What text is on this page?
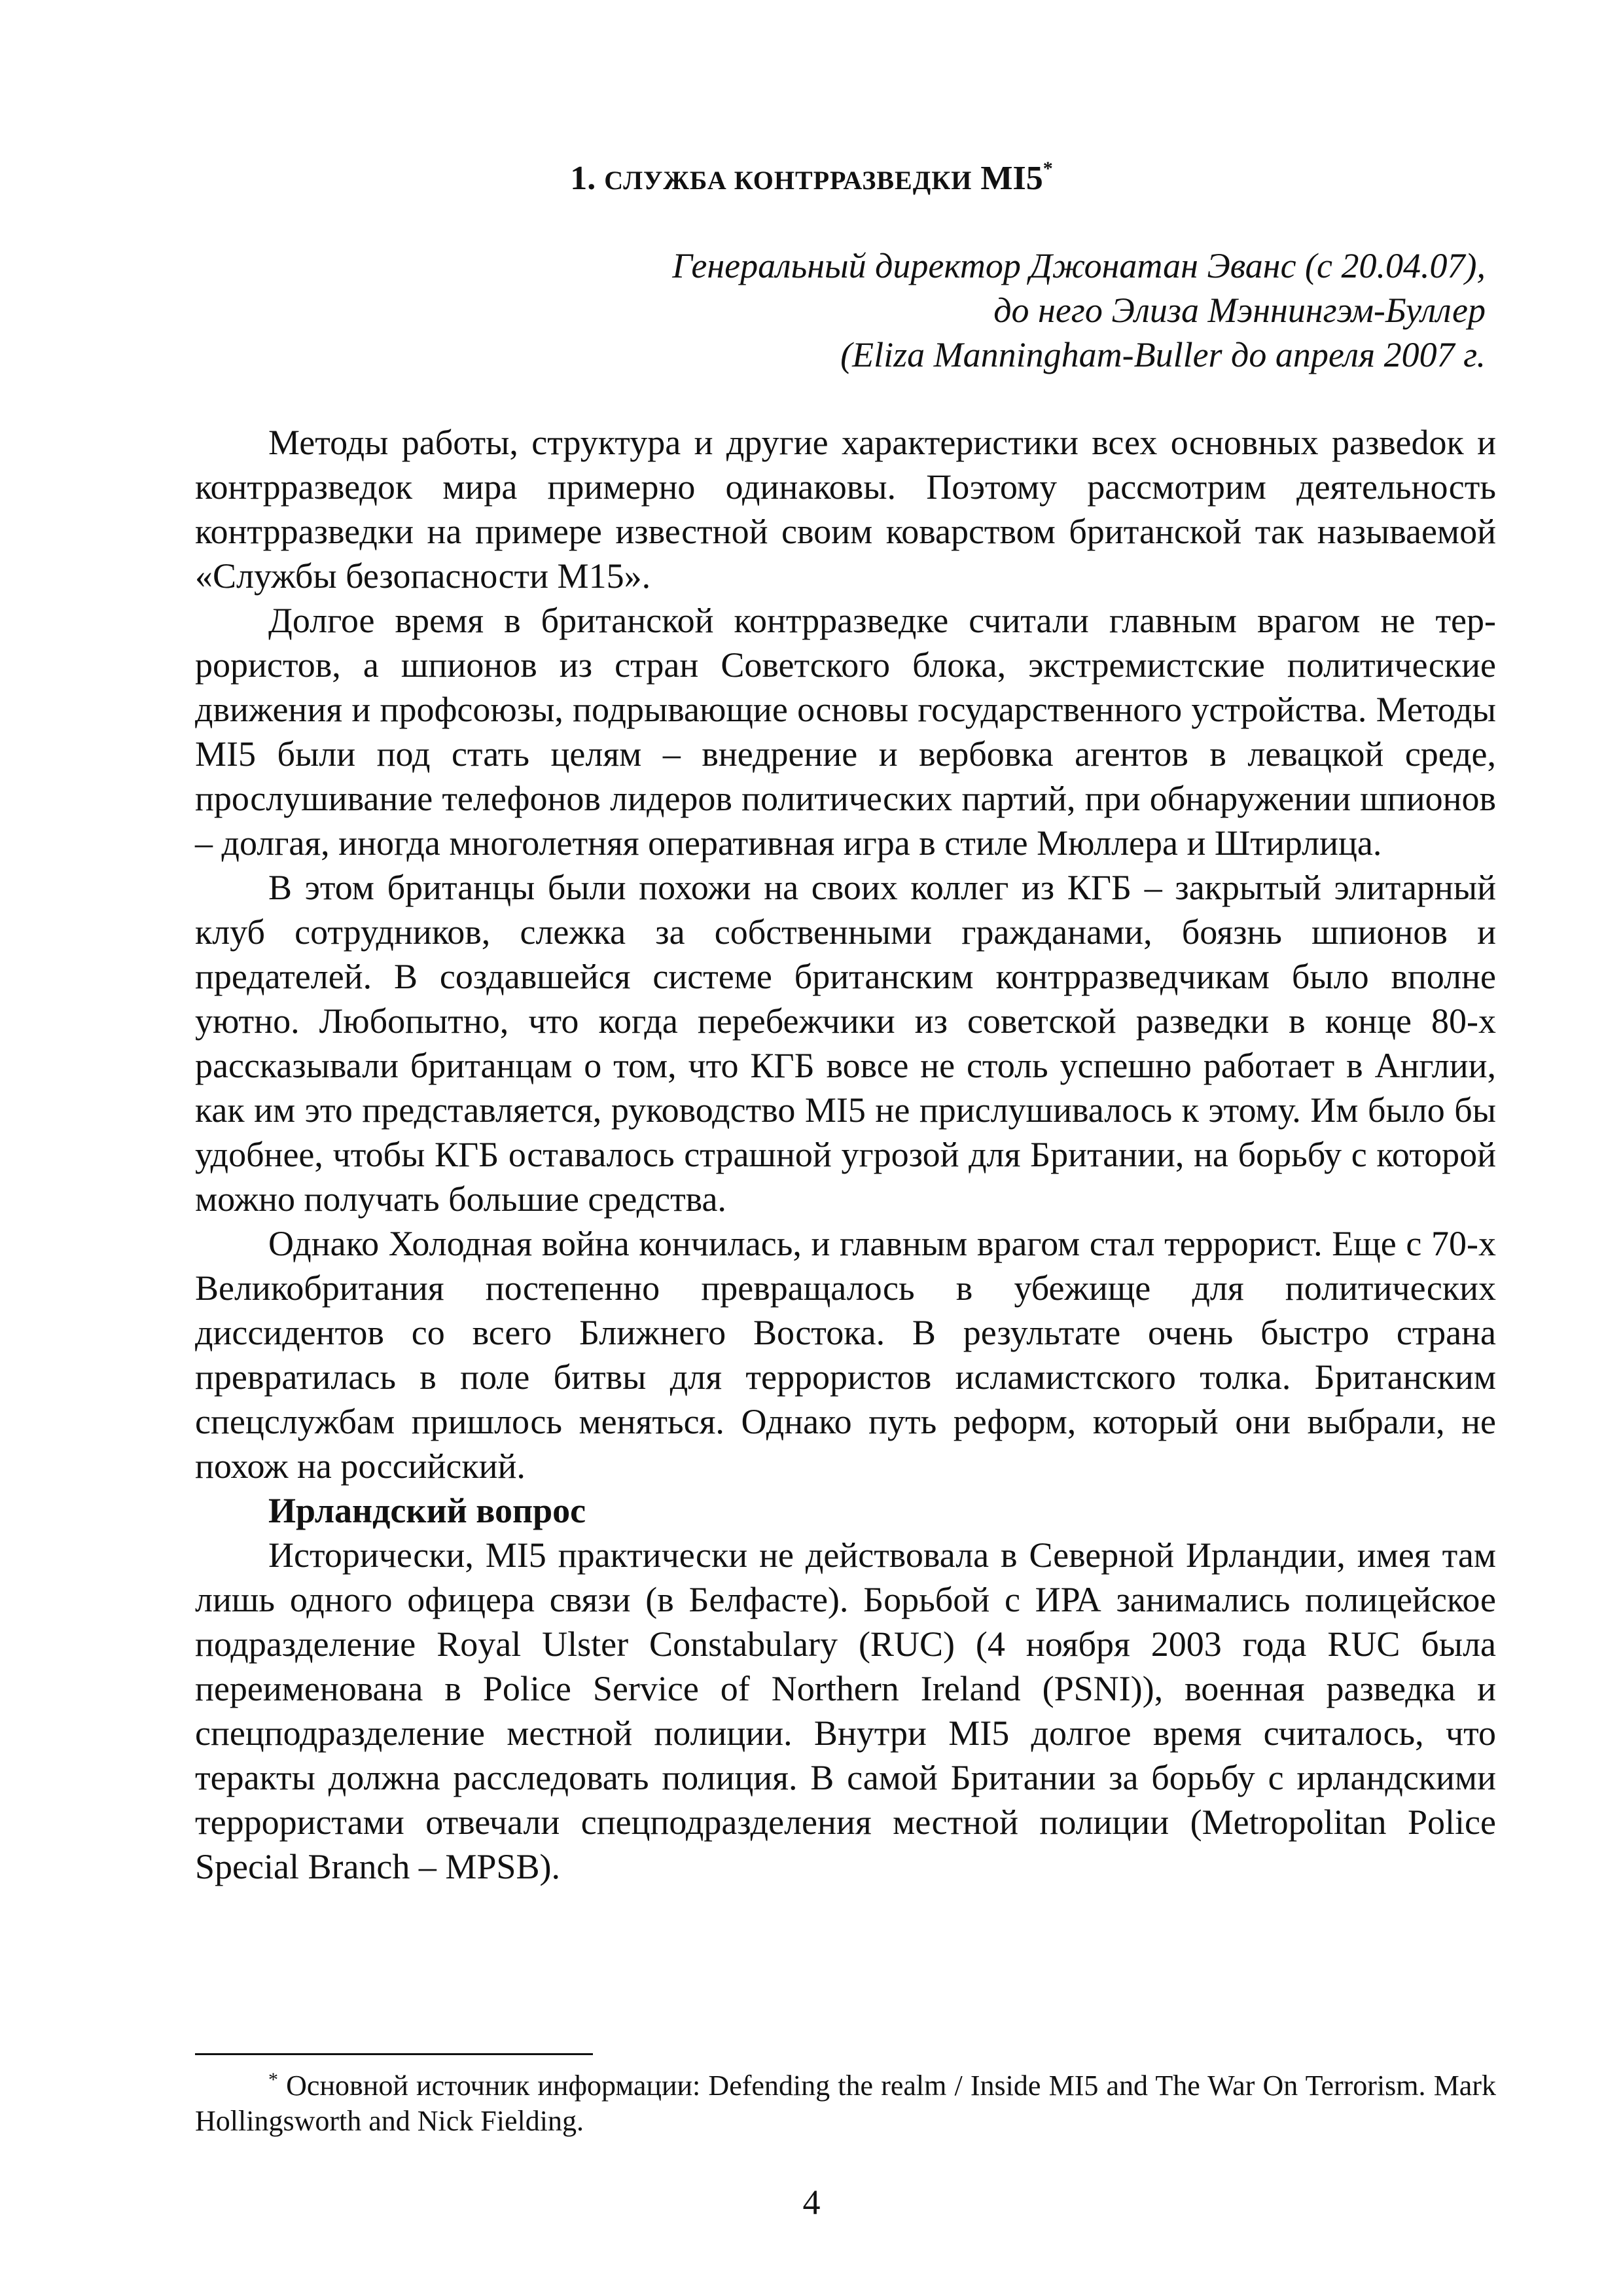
1. СЛУЖБА КОНТРРАЗВЕДКИ MI5*
Генеральный директор Джонатан Эванс (с 20.04.07),
до него Элиза Мэннингэм-Буллер
(Eliza Manningham-Buller до апреля 2007 г.

Методы работы, структура и другие характеристики всех основных развеdок и контрразведок мира примерно одинаковы. Поэтому рассмотрим деятельность контрразведки на примере известной своим коварством британской так называемой «Службы безопасности М15».

Долгое время в британской контрразведке считали главным врагом не террористов, а шпионов из стран Советского блока, экстремистские политические движения и профсоюзы, подрывающие основы государственного устройства. Методы MI5 были под стать целям – внедрение и вербовка агентов в левацкой среде, прослушивание телефонов лидеров политических партий, при обнаружении шпионов – долгая, иногда многолетняя оперативная игра в стиле Мюллера и Штирлица.

В этом британцы были похожи на своих коллег из КГБ – закрытый элитарный клуб сотрудников, слежка за собственными гражданами, боязнь шпионов и предателей. В создавшейся системе британским контрразведчикам было вполне уютно. Любопытно, что когда перебежчики из советской разведки в конце 80-х рассказывали британцам о том, что КГБ вовсе не столь успешно работает в Англии, как им это представляется, руководство MI5 не прислушивалось к этому. Им было бы удобнее, чтобы КГБ оставалось страшной угрозой для Британии, на борьбу с которой можно получать большие средства.

Однако Холодная война кончилась, и главным врагом стал террорист. Еще с 70-х Великобритания постепенно превращалось в убежище для политических диссидентов со всего Ближнего Востока. В результате очень быстро страна превратилась в поле битвы для террористов исламистского толка. Британским спецслужбам пришлось меняться. Однако путь реформ, который они выбрали, не похож на российский.

Ирландский вопрос

Исторически, MI5 практически не действовала в Северной Ирландии, имея там лишь одного офицера связи (в Белфасте). Борьбой с ИРА занимались полицейское подразделение Royal Ulster Constabulary (RUC) (4 ноября 2003 года RUC была переименована в Police Service of Northern Ireland (PSNI)), военная разведка и спецподразделение местной полиции. Внутри MI5 долгое время считалось, что теракты должна расследовать полиция. В самой Британии за борьбу с ирландскими террористами отвечали спецподразделения местной полиции (Metropolitan Police Special Branch – MPSB).

* Основной источник информации: Defending the realm / Inside MI5 and The War On Terrorism. Mark Hollingsworth and Nick Fielding.
4
